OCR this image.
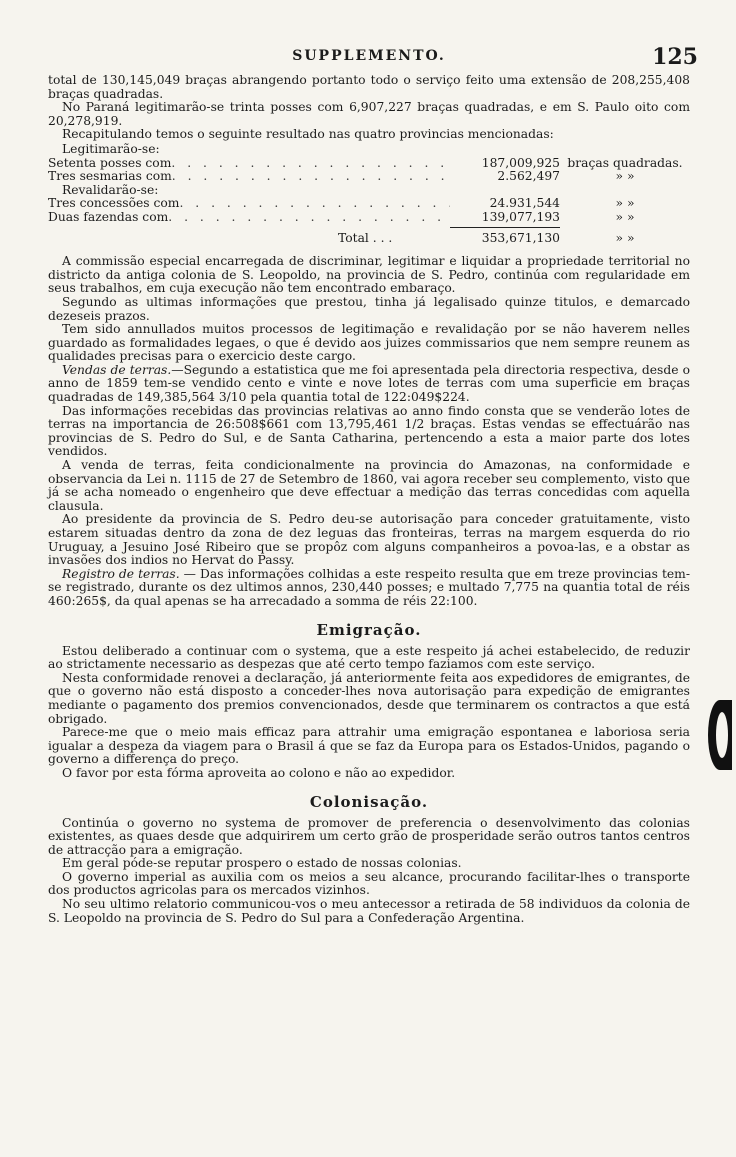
SUPPLEMENTO.	125

total de 130,145,049 braças abrangendo portanto todo o serviço feito uma extensão de 208,255,408 braças quadradas.

No Paraná legitimarão-se trinta posses com 6,907,227 braças quadradas, e em S. Paulo oito com 20,278,919.

Recapitulando temos o seguinte resultado nas quatro provincias mencionadas:

Legitimarão-se:
Setenta posses com . . .	187,009,925 braças quadradas.
Tres sesmarias com . . .	2.562,497	» »
Revalidarão-se:
Tres concessões com . . .	24.931,544	» »
Duas fazendas com . . .	139,077,193	» »
Total . . .	353,671,130	» »

A commissão especial encarregada de discriminar, legitimar e liquidar a propriedade territorial no districto da antiga colonia de S. Leopoldo, na provincia de S. Pedro, continúa com regularidade em seus trabalhos, em cuja execução não tem encontrado embaraço.

Segundo as ultimas informações que prestou, tinha já legalisado quinze titulos, e demarcado dezeseis prazos.

Tem sido annullados muitos processos de legitimação e revalidação por se não haverem nelles guardado as formalidades legaes, o que é devido aos juizes commissarios que nem sempre reunem as qualidades precisas para o exercicio deste cargo.

Vendas de terras.—Segundo a estatistica que me foi apresentada pela directoria respectiva, desde o anno de 1859 tem-se vendido cento e vinte e nove lotes de terras com uma superficie em braças quadradas de 149,385,564 3/10 pela quantia total de 122:049$224.

Das informações recebidas das provincias relativas ao anno findo consta que se venderão lotes de terras na importancia de 26:508$661 com 13,795,461 1/2 braças. Estas vendas se effectuárão nas provincias de S. Pedro do Sul, e de Santa Catharina, pertencendo a esta a maior parte dos lotes vendidos.

A venda de terras, feita condicionalmente na provincia do Amazonas, na conformidade e observancia da Lei n. 1115 de 27 de Setembro de 1860, vai agora receber seu complemento, visto que já se acha nomeado o engenheiro que deve effectuar a medição das terras concedidas com aquella clausula.

Ao presidente da provincia de S. Pedro deu-se autorisação para conceder gratuitamente, visto estarem situadas dentro da zona de dez leguas das fronteiras, terras na margem esquerda do rio Uruguay, a Jesuino José Ribeiro que se propôz com alguns companheiros a povoa-las, e a obstar as invasões dos indios no Hervat do Passy.

Registro de terras. — Das informações colhidas a este respeito resulta que em treze provincias tem-se registrado, durante os dez ultimos annos, 230,440 posses; e multado 7,775 na quantia total de réis 460:265$, da qual apenas se ha arrecadado a somma de réis 22:100.

Emigração.

Estou deliberado a continuar com o systema, que a este respeito já achei estabelecido, de reduzir ao strictamente necessario as despezas que até certo tempo faziamos com este serviço.

Nesta conformidade renovei a declaração, já anteriormente feita aos expedidores de emigrantes, de que o governo não está disposto a conceder-lhes nova autorisação para expedição de emigrantes mediante o pagamento dos premios convencionados, desde que terminarem os contractos a que está obrigado.

Parece-me que o meio mais efficaz para attrahir uma emigração espontanea e laboriosa seria igualar a despeza da viagem para o Brasil á que se faz da Europa para os Estados-Unidos, pagando o governo a differença do preço.

O favor por esta fórma aproveita ao colono e não ao expedidor.

Colonisação.

Continúa o governo no systema de promover de preferencia o desenvolvimento das colonias existentes, as quaes desde que adquirirem um certo grão de prosperidade serão outros tantos centros de attracção para a emigração.

Em geral póde-se reputar prospero o estado de nossas colonias.

O governo imperial as auxilia com os meios a seu alcance, procurando facilitar-lhes o transporte dos productos agricolas para os mercados vizinhos.

No seu ultimo relatorio communicou-vos o meu antecessor a retirada de 58 individuos da colonia de S. Leopoldo na provincia de S. Pedro do Sul para a Confederação Argentina.
